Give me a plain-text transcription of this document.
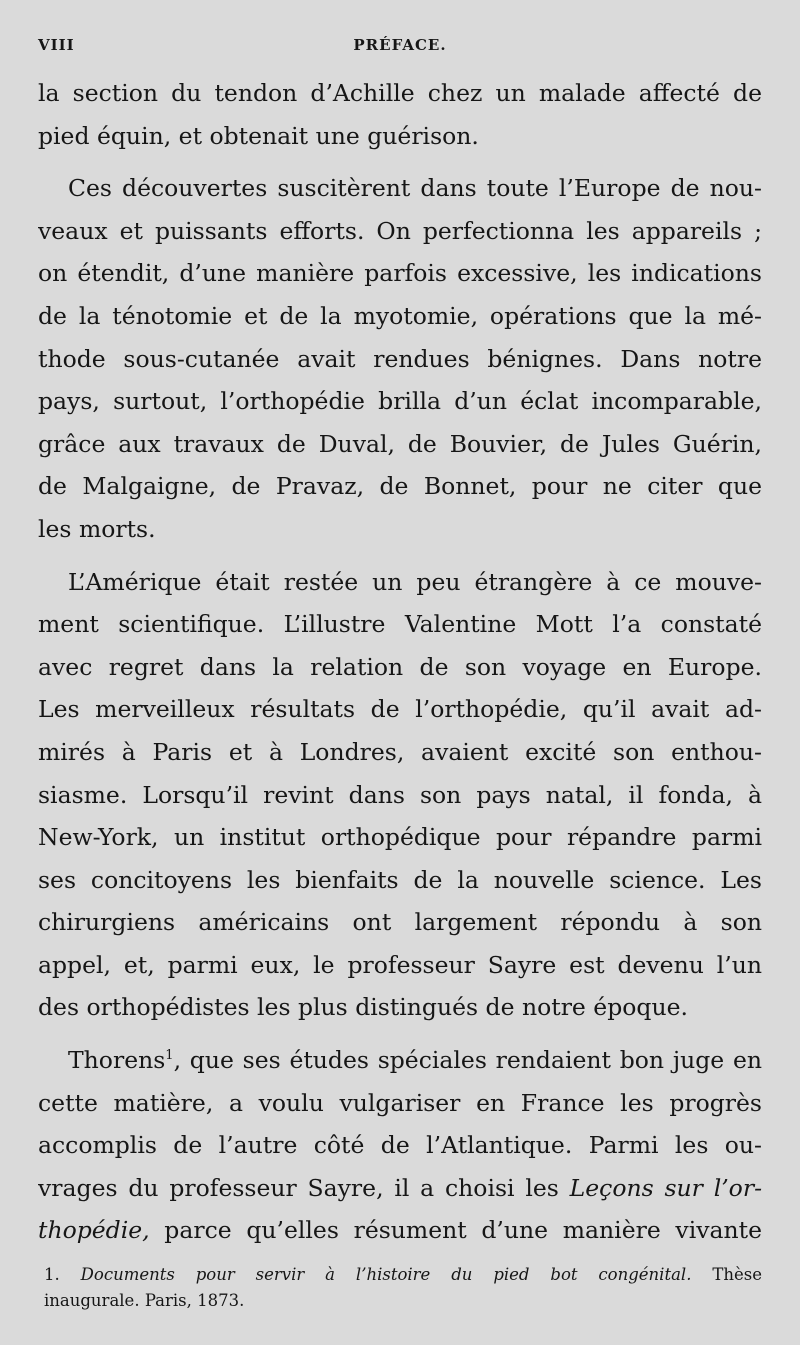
VIII	PRÉFACE.
la section du tendon d’Achille chez un malade affecté de
pied équin, et obtenait une guérison.
Ces découvertes suscitèrent dans toute l’Europe de nou-
veaux et puissants efforts. On perfectionna les appareils ;
on étendit, d’une manière parfois excessive, les indications
de la ténotomie et de la myotomie, opérations que la mé-
thode sous-cutanée avait rendues bénignes. Dans notre
pays, surtout, l’orthopédie brilla d’un éclat incomparable,
grâce aux travaux de Duval, de Bouvier, de Jules Guérin,
de Malgaigne, de Pravaz, de Bonnet, pour ne citer que
les morts.
L’Amérique était restée un peu étrangère à ce mouve-
ment scientifique. L’illustre Valentine Mott l’a constaté
avec regret dans la relation de son voyage en Europe.
Les merveilleux résultats de l’orthopédie, qu’il avait ad-
mirés à Paris et à Londres, avaient excité son enthou-
siasme. Lorsqu’il revint dans son pays natal, il fonda, à
New-York, un institut orthopédique pour répandre parmi
ses concitoyens les bienfaits de la nouvelle science. Les
chirurgiens américains ont largement répondu à son
appel, et, parmi eux, le professeur Sayre est devenu l’un
des orthopédistes les plus distingués de notre époque.
Thorens$^1$, que ses études spéciales rendaient bon juge en
cette matière, a voulu vulgariser en France les progrès
accomplis de l’autre côté de l’Atlantique. Parmi les ou-
vrages du professeur Sayre, il a choisi les Leçons sur l’or-
thopédie, parce qu’elles résument d’une manière vivante
1. Documents pour servir à l’histoire du pied bot congénital. Thèse
inaugurale. Paris, 1873.
